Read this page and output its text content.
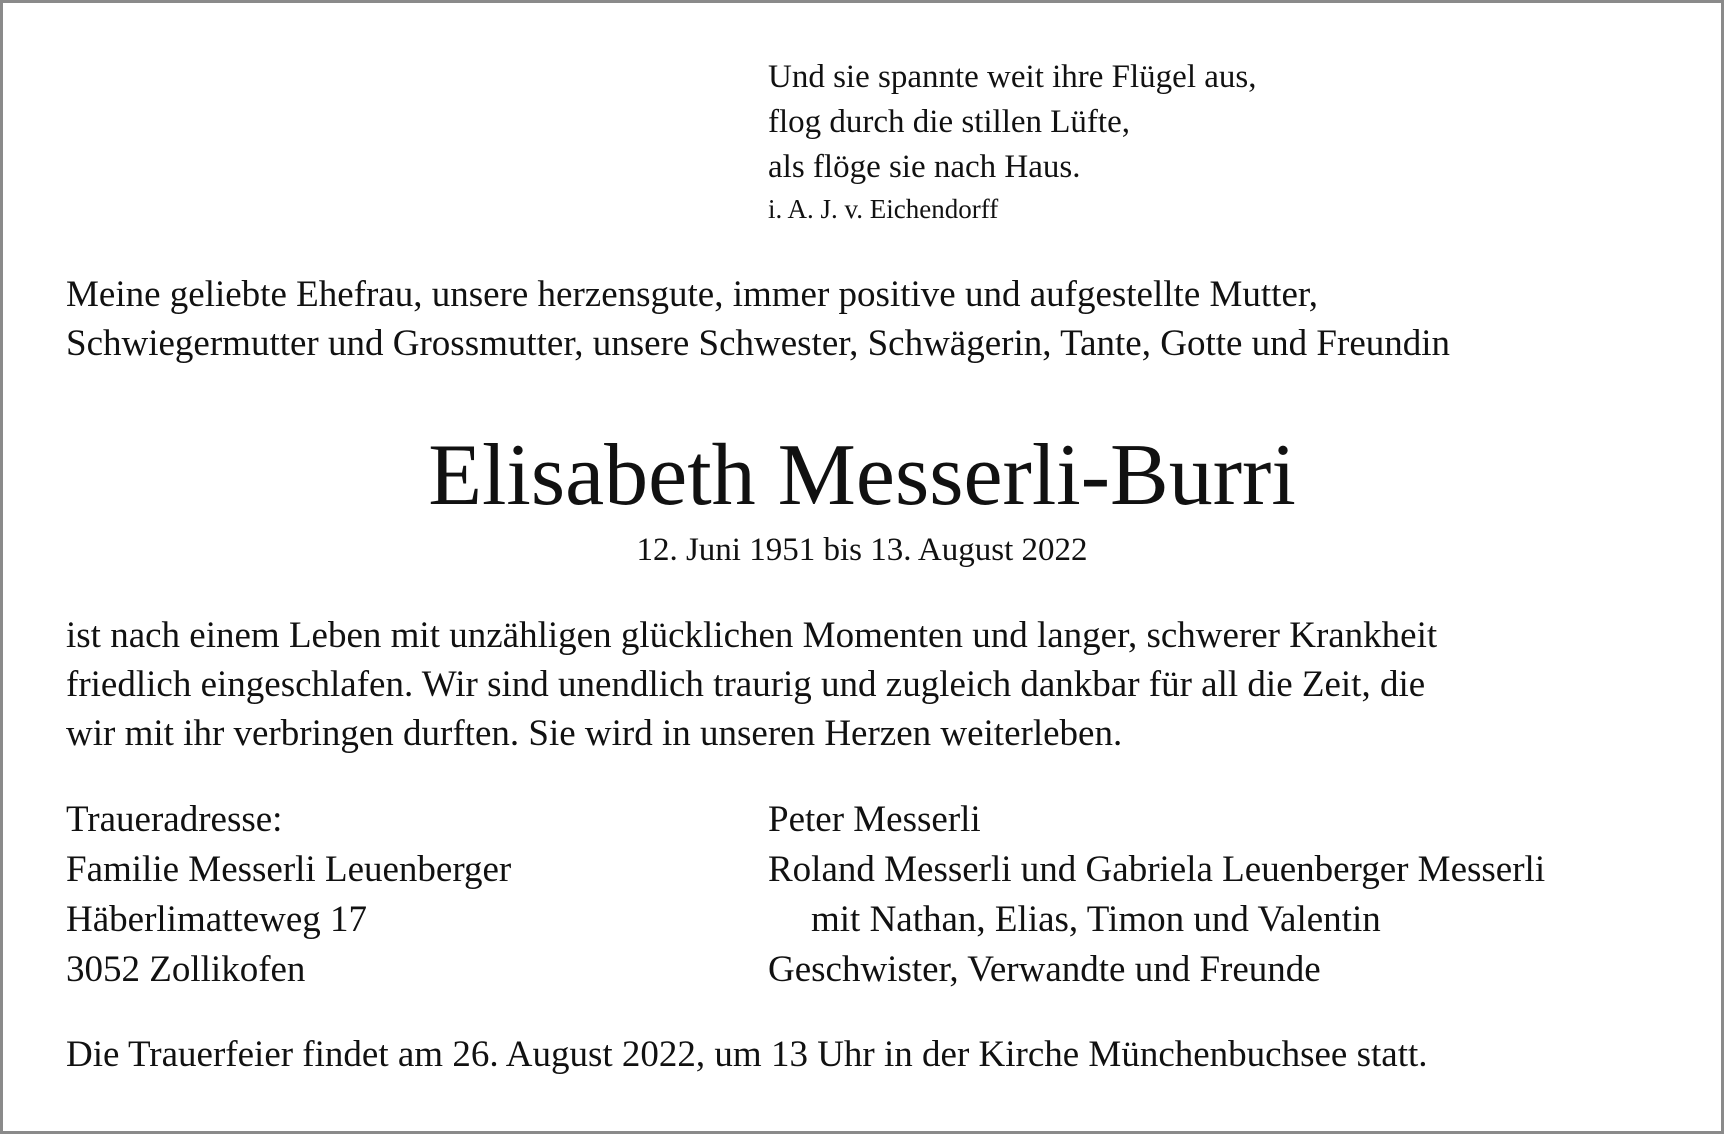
Und sie spannte weit ihre Flügel aus,
flog durch die stillen Lüfte,
als flöge sie nach Haus.
i. A. J. v. Eichendorff
Meine geliebte Ehefrau, unsere herzensgute, immer positive und aufgestellte Mutter,
Schwiegermutter und Grossmutter, unsere Schwester, Schwägerin, Tante, Gotte und Freundin
Elisabeth Messerli-Burri
12. Juni 1951 bis 13. August 2022
ist nach einem Leben mit unzähligen glücklichen Momenten und langer, schwerer Krankheit
friedlich eingeschlafen. Wir sind unendlich traurig und zugleich dankbar für all die Zeit, die
wir mit ihr verbringen durften. Sie wird in unseren Herzen weiterleben.
Traueradresse:
Familie Messerli Leuenberger
Häberlimatteweg 17
3052 Zollikofen
Peter Messerli
Roland Messerli und Gabriela Leuenberger Messerli
mit Nathan, Elias, Timon und Valentin
Geschwister, Verwandte und Freunde
Die Trauerfeier findet am 26. August 2022, um 13 Uhr in der Kirche Münchenbuchsee statt.
